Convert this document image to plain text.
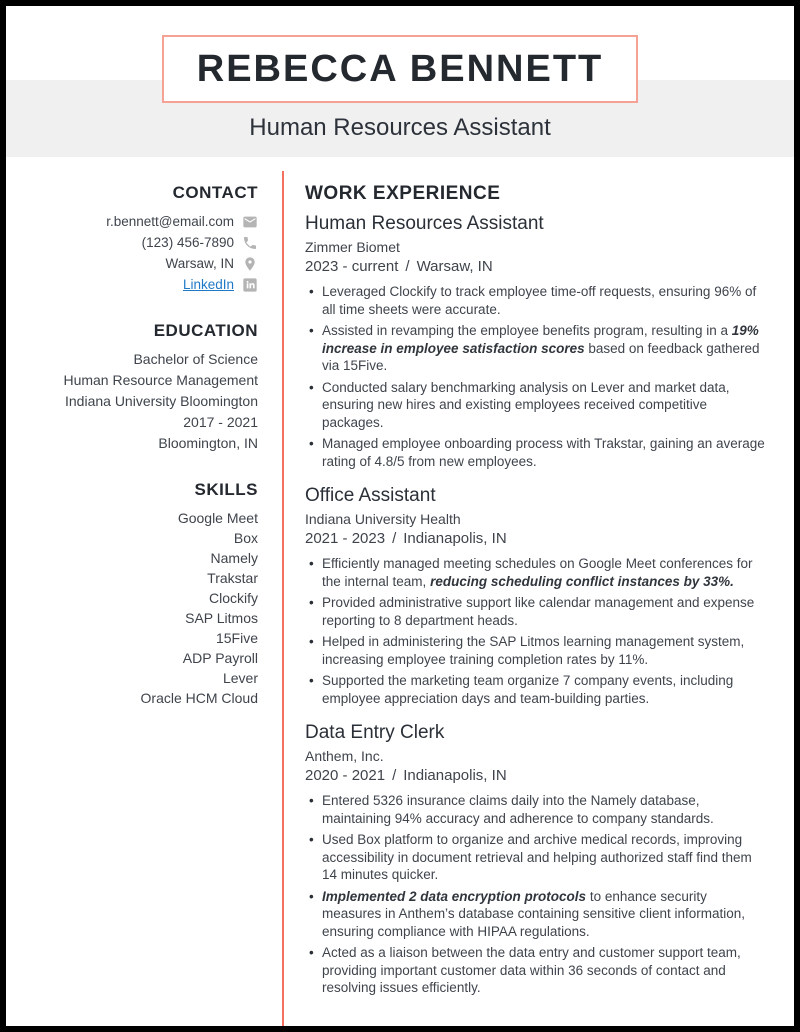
REBECCA BENNETT
Human Resources Assistant
CONTACT
r.bennett@email.com
(123) 456-7890
Warsaw, IN
LinkedIn
EDUCATION
Bachelor of Science
Human Resource Management
Indiana University Bloomington
2017 - 2021
Bloomington, IN
SKILLS
Google Meet
Box
Namely
Trakstar
Clockify
SAP Litmos
15Five
ADP Payroll
Lever
Oracle HCM Cloud
WORK EXPERIENCE
Human Resources Assistant
Zimmer Biomet
2023 - current / Warsaw, IN
• Leveraged Clockify to track employee time-off requests, ensuring 96% of all time sheets were accurate.
• Assisted in revamping the employee benefits program, resulting in a 19% increase in employee satisfaction scores based on feedback gathered via 15Five.
• Conducted salary benchmarking analysis on Lever and market data, ensuring new hires and existing employees received competitive packages.
• Managed employee onboarding process with Trakstar, gaining an average rating of 4.8/5 from new employees.
Office Assistant
Indiana University Health
2021 - 2023 / Indianapolis, IN
• Efficiently managed meeting schedules on Google Meet conferences for the internal team, reducing scheduling conflict instances by 33%.
• Provided administrative support like calendar management and expense reporting to 8 department heads.
• Helped in administering the SAP Litmos learning management system, increasing employee training completion rates by 11%.
• Supported the marketing team organize 7 company events, including employee appreciation days and team-building parties.
Data Entry Clerk
Anthem, Inc.
2020 - 2021 / Indianapolis, IN
• Entered 5326 insurance claims daily into the Namely database, maintaining 94% accuracy and adherence to company standards.
• Used Box platform to organize and archive medical records, improving accessibility in document retrieval and helping authorized staff find them 14 minutes quicker.
• Implemented 2 data encryption protocols to enhance security measures in Anthem’s database containing sensitive client information, ensuring compliance with HIPAA regulations.
• Acted as a liaison between the data entry and customer support team, providing important customer data within 36 seconds of contact and resolving issues efficiently.
